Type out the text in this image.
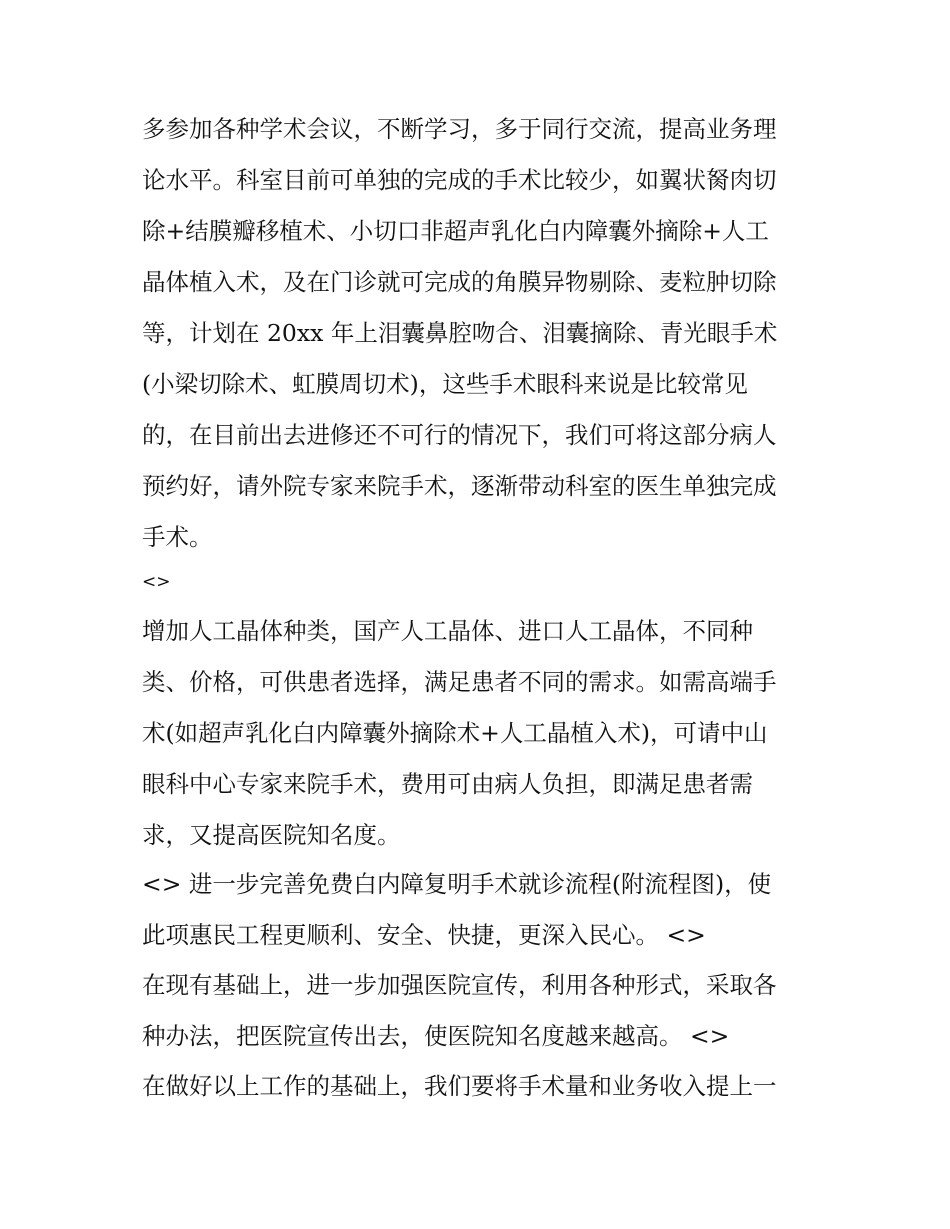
多参加各种学术会议，不断学习，多于同行交流，提高业务理
论水平。科室目前可单独的完成的手术比较少，如翼状胬肉切
除+结膜瓣移植术、小切口非超声乳化白内障囊外摘除+人工
晶体植入术，及在门诊就可完成的角膜异物剔除、麦粒肿切除
等，计划在 20xx 年上泪囊鼻腔吻合、泪囊摘除、青光眼手术
(小梁切除术、虹膜周切术)，这些手术眼科来说是比较常见
的，在目前出去进修还不可行的情况下，我们可将这部分病人
预约好，请外院专家来院手术，逐渐带动科室的医生单独完成
手术。
<>
增加人工晶体种类，国产人工晶体、进口人工晶体，不同种
类、价格，可供患者选择，满足患者不同的需求。如需高端手
术(如超声乳化白内障囊外摘除术+人工晶植入术)，可请中山
眼科中心专家来院手术，费用可由病人负担，即满足患者需
求，又提高医院知名度。
<> 进一步完善免费白内障复明手术就诊流程(附流程图)，使
此项惠民工程更顺利、安全、快捷，更深入民心。 <>
在现有基础上，进一步加强医院宣传，利用各种形式，采取各
种办法，把医院宣传出去，使医院知名度越来越高。 <>
在做好以上工作的基础上，我们要将手术量和业务收入提上一
